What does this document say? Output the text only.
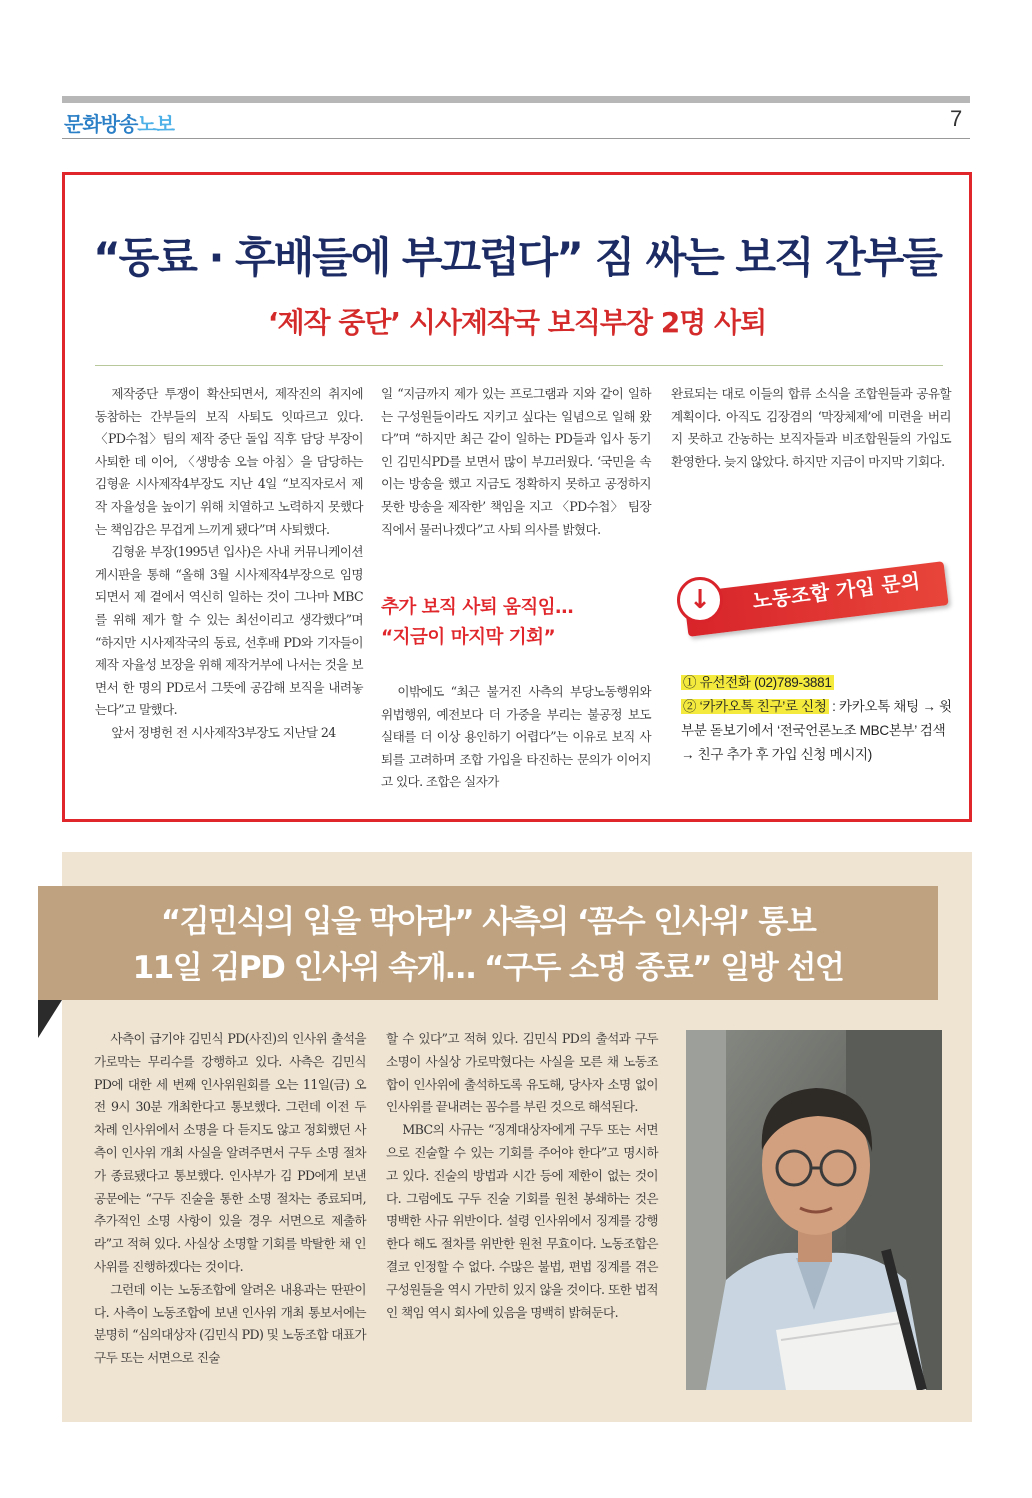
문화방송노보	7
“동료 · 후배들에 부끄럽다” 짐 싸는 보직 간부들
‘제작 중단’ 시사제작국 보직부장 2명 사퇴

제작중단 투쟁이 확산되면서, 제작진의 취지에 동참하는 간부들의 보직 사퇴도 잇따르고 있다. 〈PD수첩〉팀의 제작 중단 돌입 직후 담당 부장이 사퇴한 데 이어, 〈생방송 오늘 아침〉을 담당하는 김형윤 시사제작4부장도 지난 4일 “보직자로서 제작 자율성을 높이기 위해 치열하고 노력하지 못했다는 책임감은 무겁게 느끼게 됐다”며 사퇴했다.

김형윤 부장(1995년 입사)은 사내 커뮤니케이션 게시판을 통해 “올해 3월 시사제작4부장으로 임명되면서 제 곁에서 역신히 일하는 것이 그나마 MBC를 위해 제가 할 수 있는 최선이리고 생각했다”며 “하지만 시사제작국의 동료, 선후배 PD와 기자들이 제작 자율성 보장을 위해 제작거부에 나서는 것을 보면서 한 명의 PD로서 그뜻에 공감해 보직을 내려놓는다”고 말했다.

앞서 정병헌 전 시사제작3부장도 지난달 24

일 “지금까지 제가 있는 프로그램과 지와 같이 일하는 구성원들이라도 지키고 싶다는 일념으로 일해 왔다”며 “하지만 최근 같이 일하는 PD들과 입사 동기인 김민식PD를 보면서 많이 부끄러웠다. ‘국민을 속이는 방송을 했고 지금도 정확하지 못하고 공정하지 못한 방송을 제작한’ 책임을 지고 〈PD수첩〉 팀장 직에서 물러나겠다”고 사퇴 의사를 밝혔다.

추가 보직 사퇴 움직임…
“지금이 마지막 기회”

이밖에도 “최근 불거진 사측의 부당노동행위와 위법행위, 예전보다 더 가중을 부리는 불공정 보도 실태를 더 이상 용인하기 어렵다”는 이유로 보직 사퇴를 고려하며 조합 가입을 타진하는 문의가 이어지고 있다. 조합은 실자가

완료되는 대로 이들의 합류 소식을 조합원들과 공유할 계획이다. 아직도 김장겸의 ‘막장체제’에 미련을 버리지 못하고 간농하는 보직자들과 비조합원들의 가입도 환영한다. 늦지 않았다. 하지만 지금이 마지막 기회다.

↓	노동조합 가입 문의
① 유선전화 (02)789-3881
② ‘카카오톡 친구’로 신청 : 카카오톡 채팅 → 윗부분 돋보기에서 ‘전국언론노조 MBC본부’ 검색 → 친구 추가 후 가입 신청 메시지)

사측이 급기야 김민식 PD(사진)의 인사위 출석을 가로막는 무리수를 강행하고 있다. 사측은 김민식 PD에 대한 세 번째 인사위원회를 오는 11일(금) 오전 9시 30분 개최한다고 통보했다. 그런데 이전 두 차례 인사위에서 소명을 다 듣지도 않고 정회했던 사측이 인사위 개최 사실을 알려주면서 구두 소명 절차가 종료됐다고 통보했다. 인사부가 김 PD에게 보낸 공문에는 “구두 진술을 통한 소명 절차는 종료되며, 추가적인 소명 사항이 있을 경우 서면으로 제출하라”고 적혀 있다. 사실상 소명할 기회를 박탈한 채 인사위를 진행하겠다는 것이다.

그런데 이는 노동조합에 알려온 내용과는 딴판이다. 사측이 노동조합에 보낸 인사위 개최 통보서에는 분명히 “심의대상자 (김민식 PD) 및 노동조합 대표가 구두 또는 서면으로 진술

할 수 있다”고 적혀 있다. 김민식 PD의 출석과 구두 소명이 사실상 가로막혔다는 사실을 모른 채 노동조합이 인사위에 출석하도록 유도해, 당사자 소명 없이 인사위를 끝내려는 꼼수를 부린 것으로 해석된다.

MBC의 사규는 “징계대상자에게 구두 또는 서면으로 진술할 수 있는 기회를 주어야 한다”고 명시하고 있다. 진술의 방법과 시간 등에 제한이 없는 것이다. 그럼에도 구두 진술 기회를 원천 봉쇄하는 것은 명백한 사규 위반이다. 설령 인사위에서 징계를 강행한다 해도 절차를 위반한 원천 무효이다. 노동조합은 결코 인정할 수 없다. 수많은 불법, 편법 징계를 겪은 구성원들을 역시 가만히 있지 않을 것이다. 또한 법적인 책임 역시 회사에 있음을 명백히 밝혀둔다.

“김민식의 입을 막아라” 사측의 ‘꼼수 인사위’ 통보
11일 김PD 인사위 속개… “구두 소명 종료” 일방 선언
